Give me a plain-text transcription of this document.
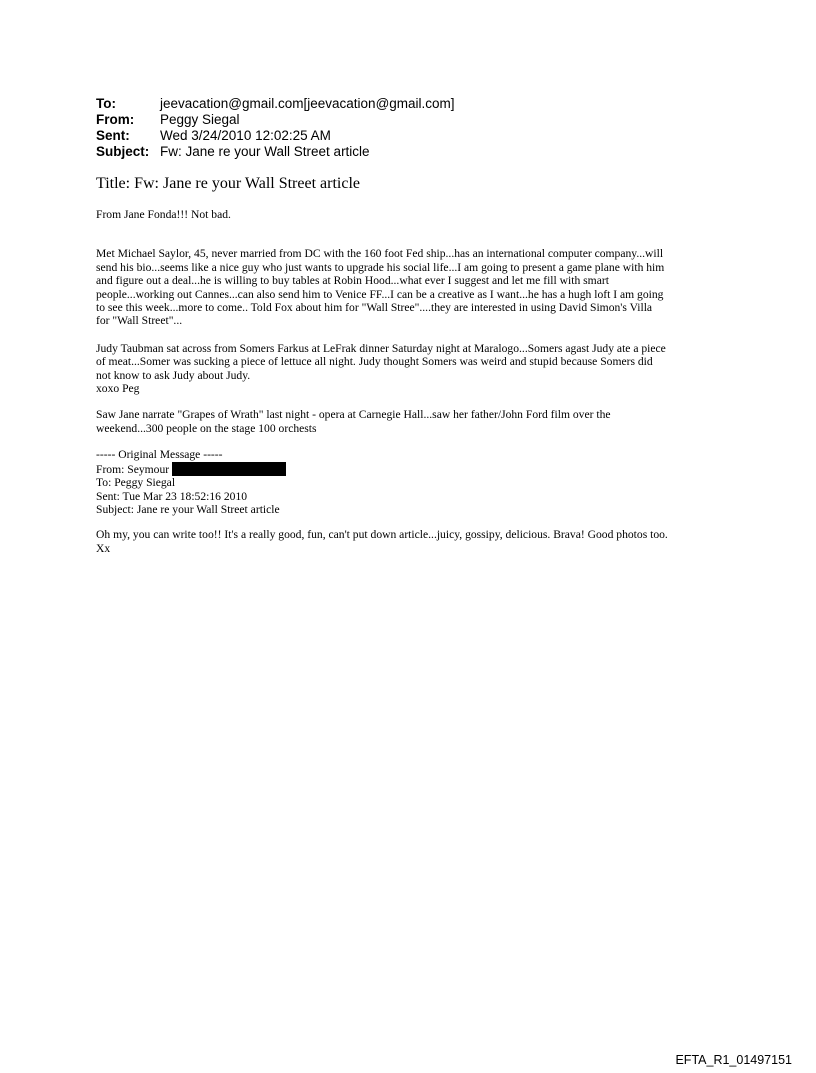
To:	jeevacation@gmail.com[jeevacation@gmail.com]
From:	Peggy Siegal
Sent:	Wed 3/24/2010 12:02:25 AM
Subject: Fw: Jane re your Wall Street article
Title: Fw: Jane re your Wall Street article

From Jane Fonda!!! Not bad.

Met Michael Saylor, 45, never married from DC with the 160 foot Fed ship...has an international computer company...will

send his bio...seems like a nice guy who just wants to upgrade his social life...I am going to present a game plane with him

and figure out a deal...he is willing to buy tables at Robin Hood...what ever I suggest and let me fill with smart

people...working out Cannes...can also send him to Venice FF...I can be a creative as I want...he has a hugh loft I am going

to see this week...more to come.. Told Fox about him for "Wall Stree"....they are interested in using David Simon's Villa

for "Wall Street"...

Judy Taubman sat across from Somers Farkus at LeFrak dinner Saturday night at Maralogo...Somers agast Judy ate a piece

of meat...Somer was sucking a piece of lettuce all night. Judy thought Somers was weird and stupid because Somers did

not know to ask Judy about Judy.

xoxo Peg

Saw Jane narrate "Grapes of Wrath" last night - opera at Carnegie Hall...saw her father/John Ford film over the

weekend...300 people on the stage 100 orchests

----- Original Message -----

From: Seymour

To: Peggy Siegal

Sent: Tue Mar 23 18:52:16 2010

Subject: Jane re your Wall Street article

Oh my, you can write too!! It's a really good, fun, can't put down article...juicy, gossipy, delicious. Brava! Good photos too.

Xx

EFTA_R1_01497151
